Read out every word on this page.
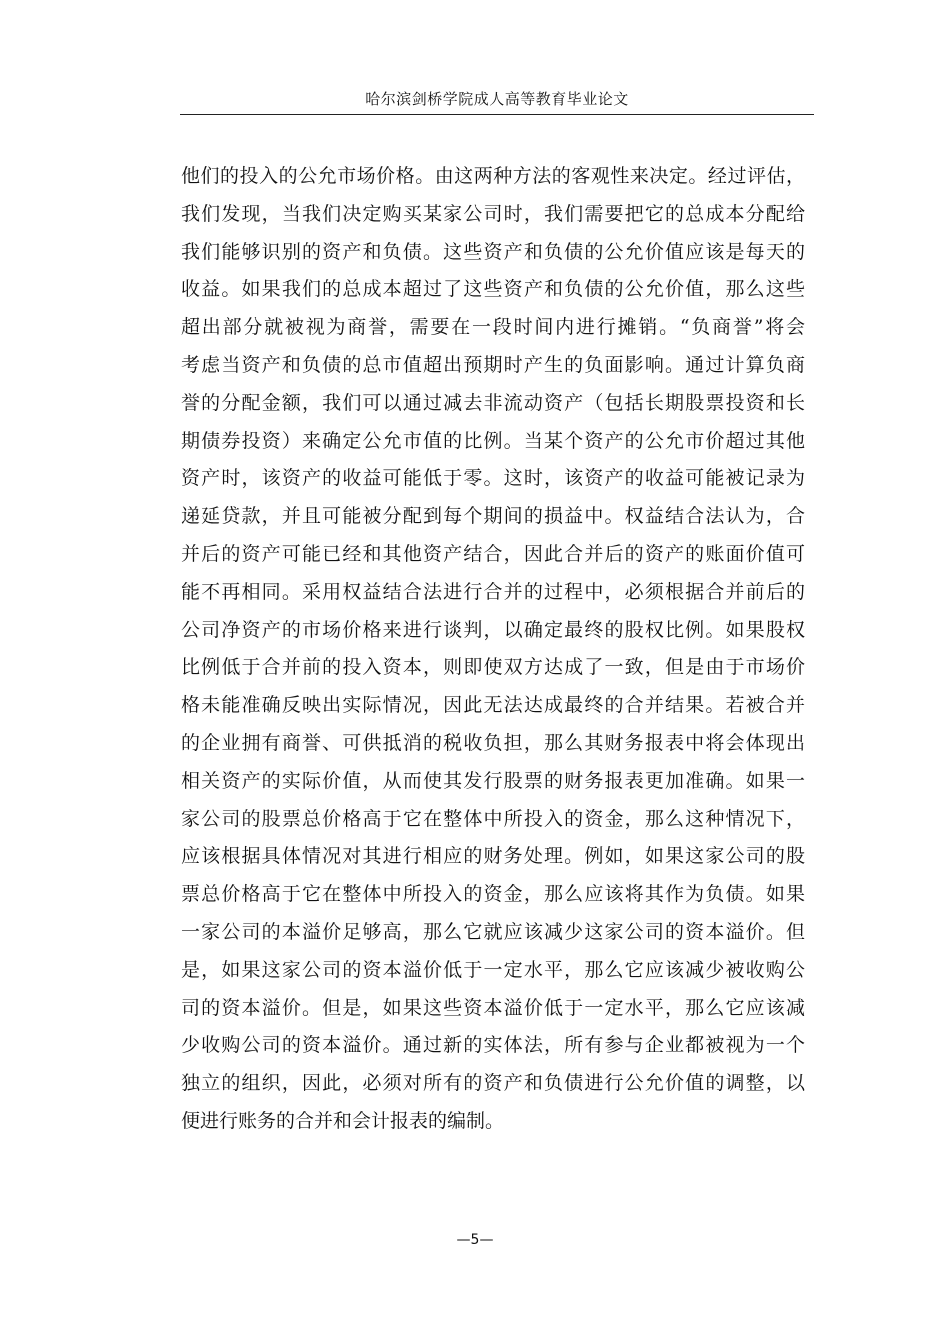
哈尔滨剑桥学院成人高等教育毕业论文
他们的投入的公允市场价格。由这两种方法的客观性来决定。经过评估，
我们发现，当我们决定购买某家公司时，我们需要把它的总成本分配给
我们能够识别的资产和负债。这些资产和负债的公允价值应该是每天的
收益。如果我们的总成本超过了这些资产和负债的公允价值，那么这些
超出部分就被视为商誉，需要在一段时间内进行摊销。“负商誉”将会
考虑当资产和负债的总市值超出预期时产生的负面影响。通过计算负商
誉的分配金额，我们可以通过减去非流动资产（包括长期股票投资和长
期债券投资）来确定公允市值的比例。当某个资产的公允市价超过其他
资产时，该资产的收益可能低于零。这时，该资产的收益可能被记录为
递延贷款，并且可能被分配到每个期间的损益中。权益结合法认为，合
并后的资产可能已经和其他资产结合，因此合并后的资产的账面价值可
能不再相同。采用权益结合法进行合并的过程中，必须根据合并前后的
公司净资产的市场价格来进行谈判，以确定最终的股权比例。如果股权
比例低于合并前的投入资本，则即使双方达成了一致，但是由于市场价
格未能准确反映出实际情况，因此无法达成最终的合并结果。若被合并
的企业拥有商誉、可供抵消的税收负担，那么其财务报表中将会体现出
相关资产的实际价值，从而使其发行股票的财务报表更加准确。如果一
家公司的股票总价格高于它在整体中所投入的资金，那么这种情况下，
应该根据具体情况对其进行相应的财务处理。例如，如果这家公司的股
票总价格高于它在整体中所投入的资金，那么应该将其作为负债。如果
一家公司的本溢价足够高，那么它就应该减少这家公司的资本溢价。但
是，如果这家公司的资本溢价低于一定水平，那么它应该减少被收购公
司的资本溢价。但是，如果这些资本溢价低于一定水平，那么它应该减
少收购公司的资本溢价。通过新的实体法，所有参与企业都被视为一个
独立的组织，因此，必须对所有的资产和负债进行公允价值的调整，以
便进行账务的合并和会计报表的编制。
—5—
